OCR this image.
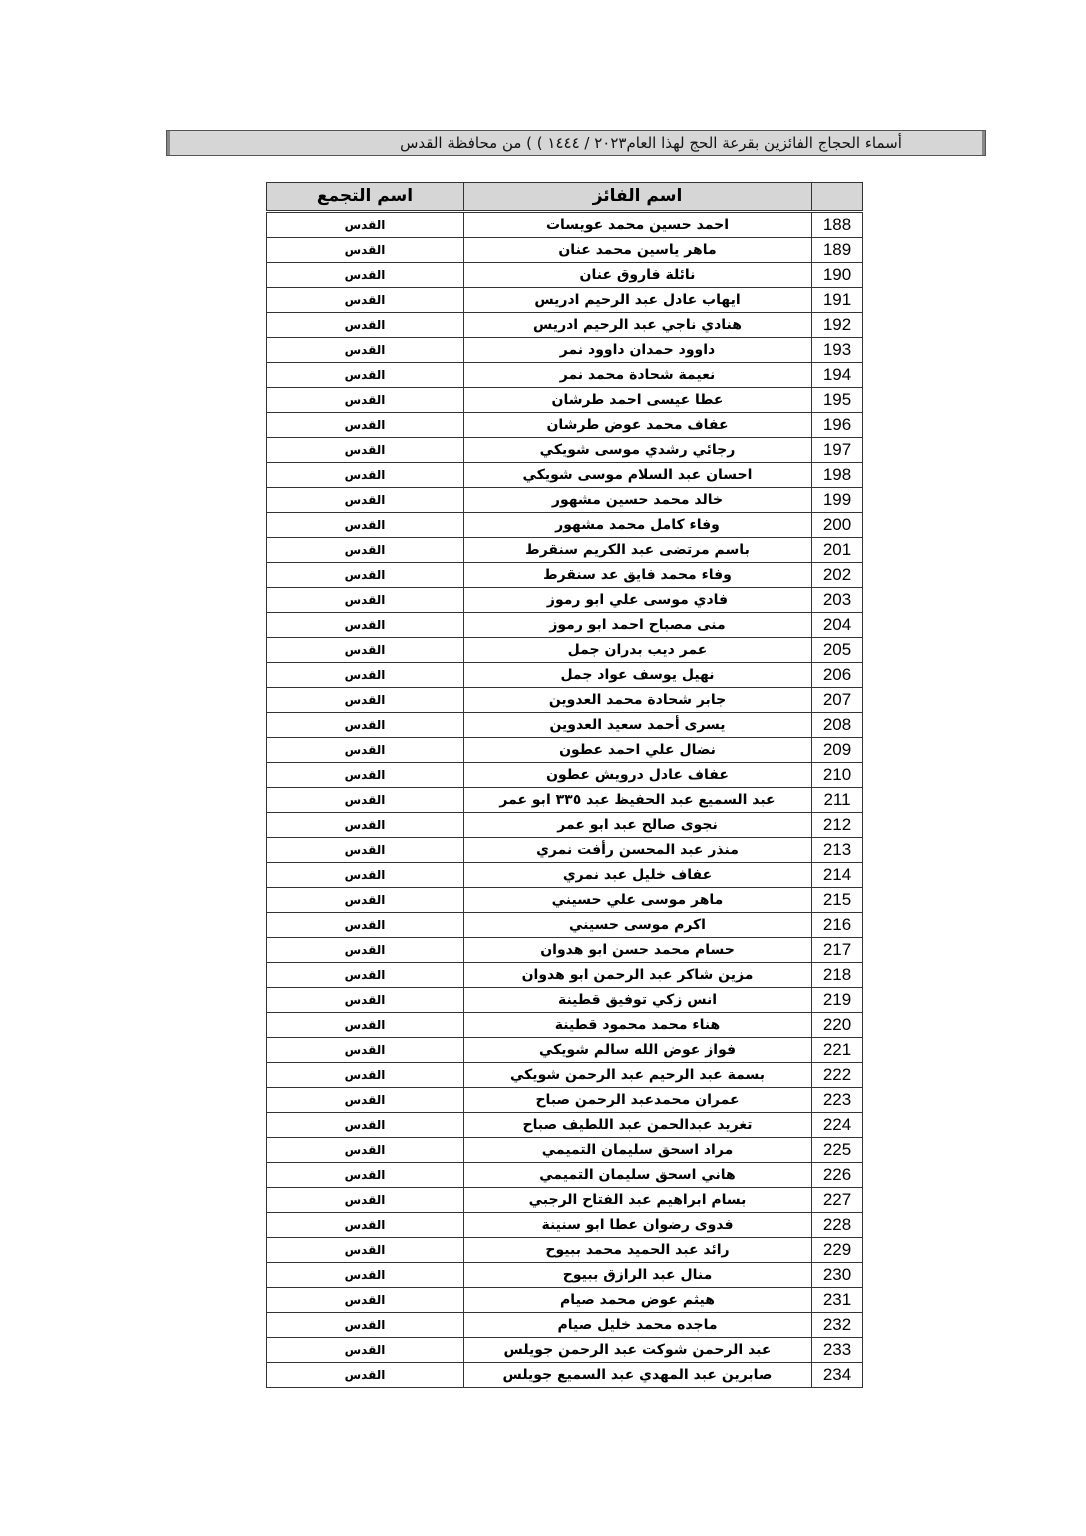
أسماء الحجاج الفائزين بقرعة الحج لهذا العام٢٠٢٣ / ١٤٤٤ ) ) من محافظة القدس
اسم التجمع	اسم الفائز	
القدس	احمد حسين محمد عويسات	188
القدس	ماهر ياسين محمد عنان	189
القدس	نائلة فاروق عنان	190
القدس	ايهاب عادل عبد الرحيم ادريس	191
القدس	هنادي ناجي عبد الرحيم ادريس	192
القدس	داوود حمدان داوود نمر	193
القدس	نعيمة شحادة محمد نمر	194
القدس	عطا عيسى احمد طرشان	195
القدس	عفاف محمد عوض طرشان	196
القدس	رجائي رشدي موسى شويكي	197
القدس	احسان عبد السلام موسى شويكي	198
القدس	خالد محمد حسين مشهور	199
القدس	وفاء كامل محمد مشهور	200
القدس	باسم مرتضى عبد الكريم سنقرط	201
القدس	وفاء محمد فايق عد سنقرط	202
القدس	فادي موسى علي ابو رموز	203
القدس	منى مصباح احمد ابو رموز	204
القدس	عمر ديب بدران جمل	205
القدس	نهيل يوسف عواد جمل	206
القدس	جابر شحادة محمد العدوين	207
القدس	يسرى أحمد سعيد العدوين	208
القدس	نضال علي احمد عطون	209
القدس	عفاف عادل درويش عطون	210
القدس	عبد السميع عبد الحفيظ عبد ٣٣٥ ابو عمر	211
القدس	نجوى صالح عبد ابو عمر	212
القدس	منذر عبد المحسن رأفت نمري	213
القدس	عفاف خليل عبد نمري	214
القدس	ماهر موسى علي حسيني	215
القدس	اكرم موسى حسيني	216
القدس	حسام محمد حسن ابو هدوان	217
القدس	مزين شاكر عبد الرحمن ابو هدوان	218
القدس	انس زكي توفيق قطينة	219
القدس	هناء محمد محمود قطينة	220
القدس	فواز عوض الله سالم شويكي	221
القدس	بسمة عبد الرحيم عبد الرحمن شويكي	222
القدس	عمران محمدعبد الرحمن صباح	223
القدس	تغريد عبدالحمن عبد اللطيف صباح	224
القدس	مراد اسحق سليمان التميمي	225
القدس	هاني اسحق سليمان التميمي	226
القدس	بسام ابراهيم عبد الفتاح الرجبي	227
القدس	فدوى رضوان عطا ابو سنينة	228
القدس	رائد عبد الحميد محمد ببيوح	229
القدس	منال عبد الرازق ببيوح	230
القدس	هيثم عوض محمد صيام	231
القدس	ماجده محمد خليل صيام	232
القدس	عبد الرحمن شوكت عبد الرحمن جويلس	233
القدس	صابرين عبد المهدي عبد السميع جويلس	234
